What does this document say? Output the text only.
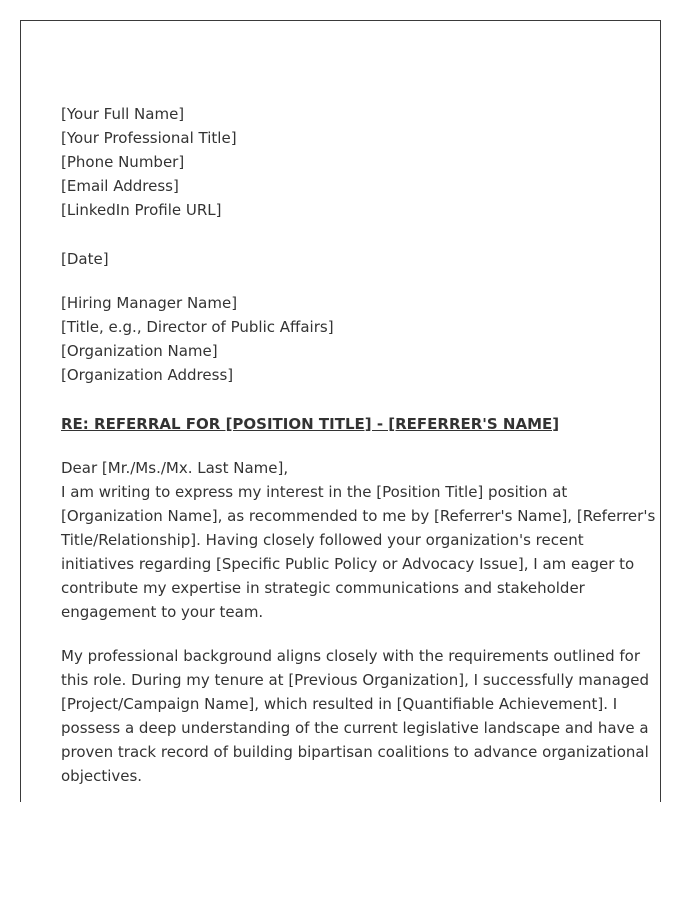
[Your Full Name]
[Your Professional Title]
[Phone Number]
[Email Address]
[LinkedIn Profile URL]
[Date]
[Hiring Manager Name]
[Title, e.g., Director of Public Affairs]
[Organization Name]
[Organization Address]
RE: REFERRAL FOR [POSITION TITLE] - [REFERRER'S NAME]
Dear [Mr./Ms./Mx. Last Name],
I am writing to express my interest in the [Position Title] position at
[Organization Name], as recommended to me by [Referrer's Name], [Referrer's
Title/Relationship]. Having closely followed your organization's recent
initiatives regarding [Specific Public Policy or Advocacy Issue], I am eager to
contribute my expertise in strategic communications and stakeholder
engagement to your team.
My professional background aligns closely with the requirements outlined for
this role. During my tenure at [Previous Organization], I successfully managed
[Project/Campaign Name], which resulted in [Quantifiable Achievement]. I
possess a deep understanding of the current legislative landscape and have a
proven track record of building bipartisan coalitions to advance organizational
objectives.
